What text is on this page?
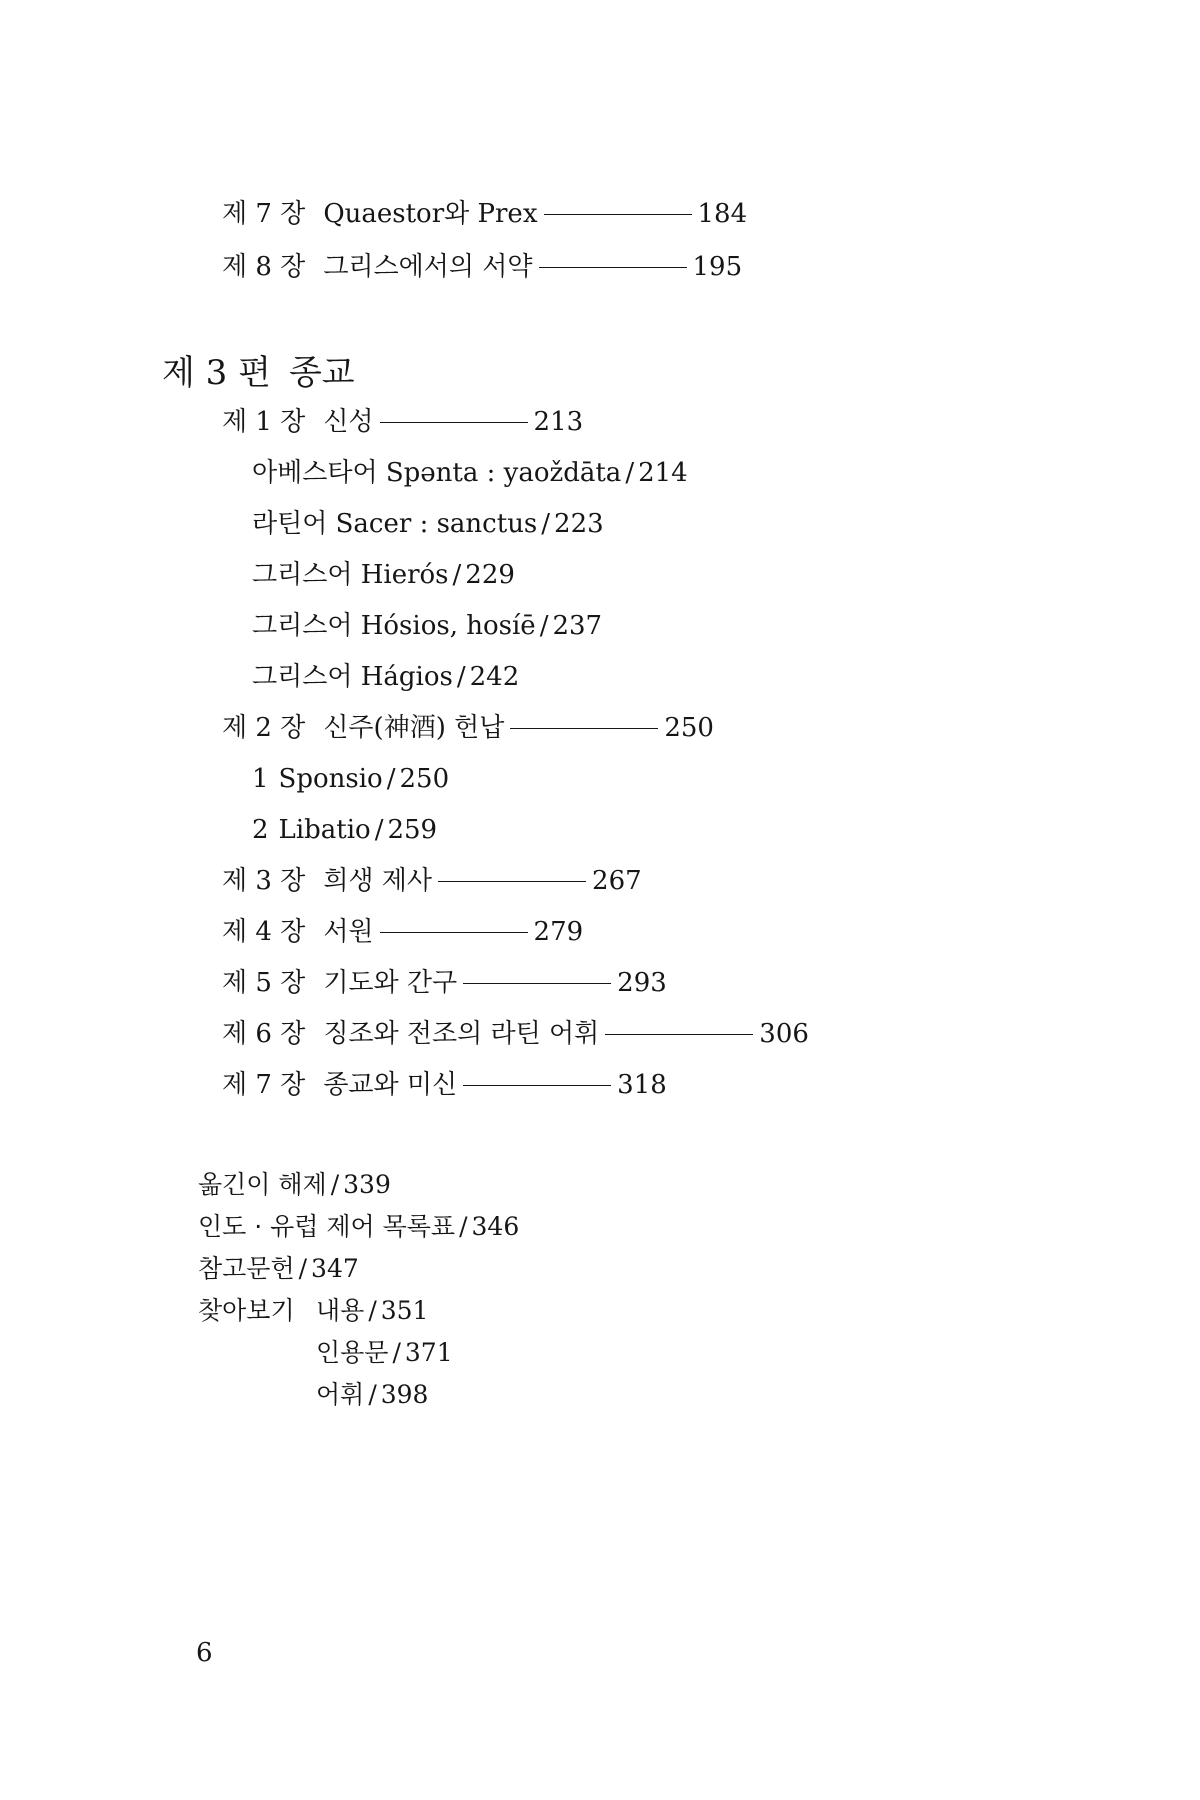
제 7 장 Quaestor와 Prex	184
제 8 장 그리스에서의 서약	195
제 3 편 종교
제 1 장 신성	213
아베스타어 Spənta : yaoždāta / 214
라틴어 Sacer : sanctus / 223
그리스어 Hierós / 229
그리스어 Hósios, hosíē / 237
그리스어 Hágios / 242
제 2 장 신주(神酒) 헌납	250
1 Sponsio / 250
2 Libatio / 259
제 3 장 희생 제사	267
제 4 장 서원	279
제 5 장 기도와 간구	293
제 6 장 징조와 전조의 라틴 어휘	306
제 7 장 종교와 미신	318
옮긴이 해제 / 339
인도 · 유럽 제어 목록표 / 346
참고문헌 / 347
찾아보기 내용 / 351
인용문 / 371
어휘 / 398
6
